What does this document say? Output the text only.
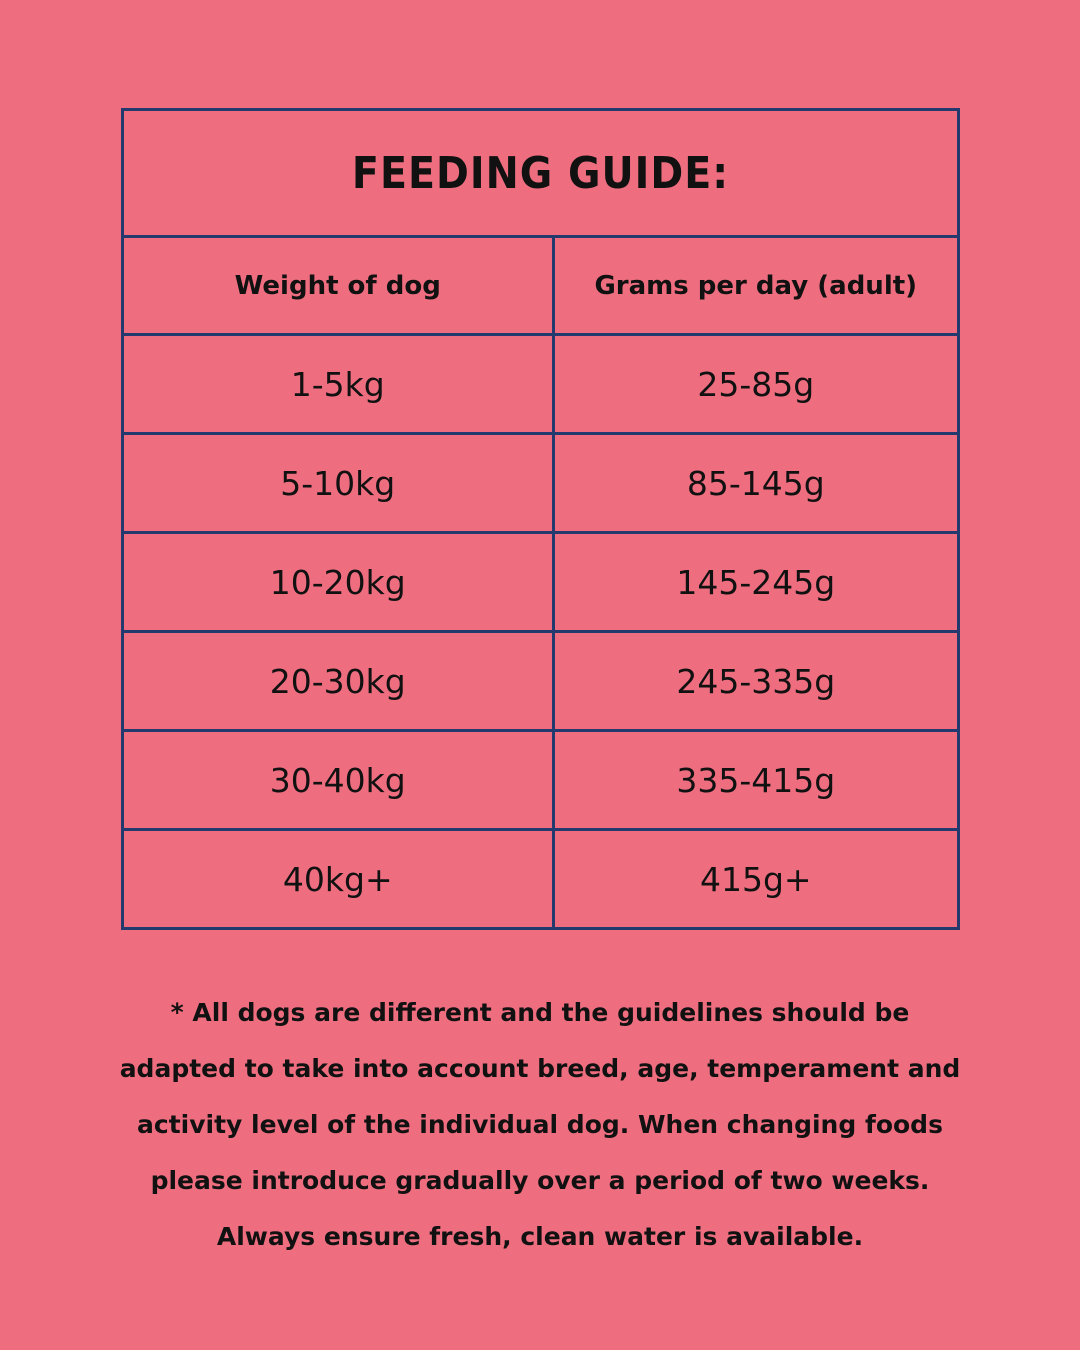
FEEDING GUIDE:	
Weight of dog	Grams per day (adult)
1-5kg	25-85g
5-10kg	85-145g
10-20kg	145-245g
20-30kg	245-335g
30-40kg	335-415g
40kg+	415g+

* All dogs are different and the guidelines should be adapted to take into account breed, age, temperament and activity level of the individual dog. When changing foods please introduce gradually over a period of two weeks. Always ensure fresh, clean water is available.
